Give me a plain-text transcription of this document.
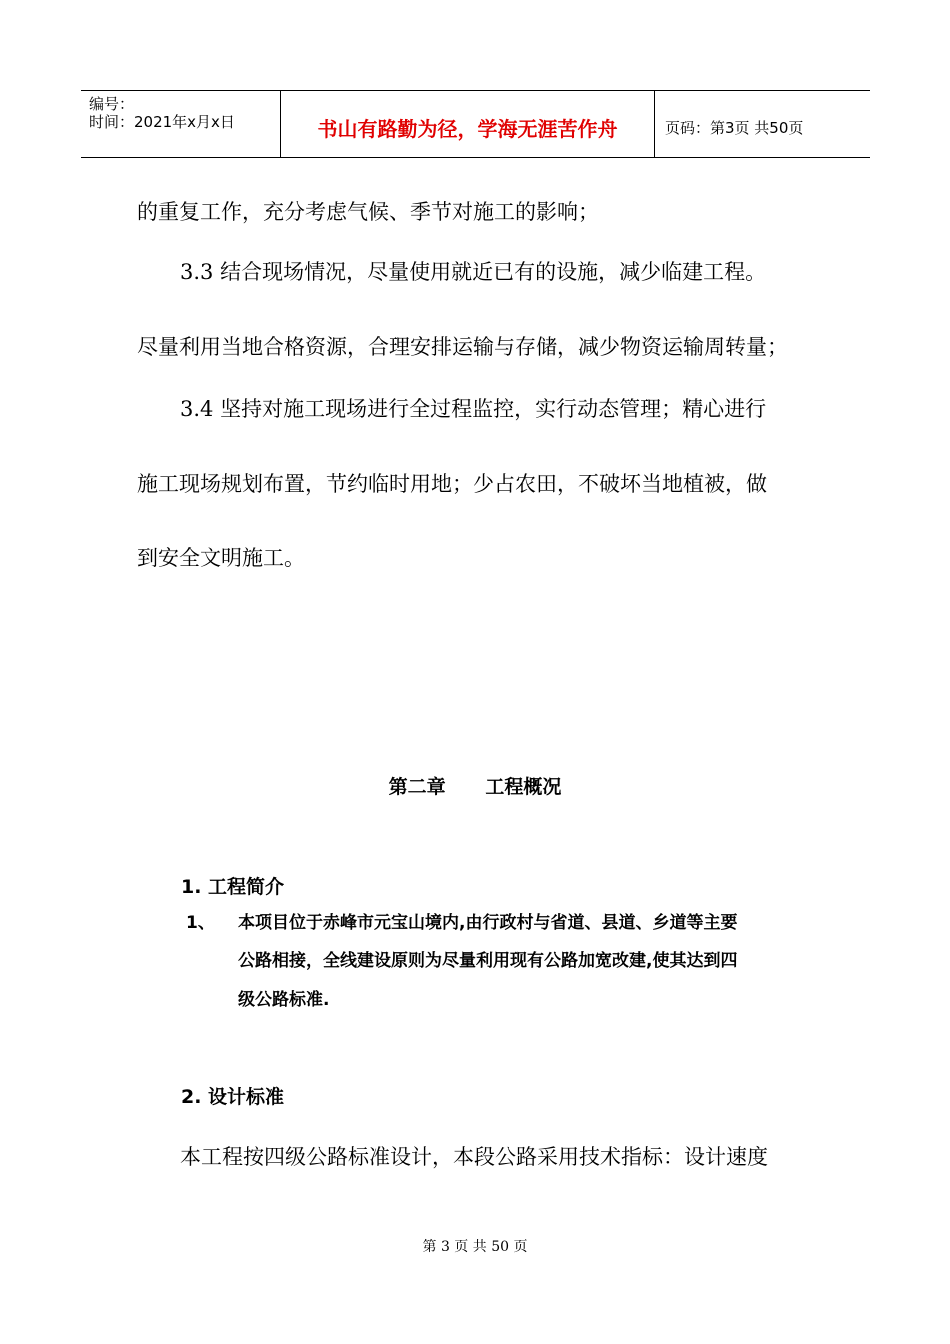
编号：
时间：2021年x月x日	书山有路勤为径，学海无涯苦作舟	页码：第3页 共50页
的重复工作，充分考虑气候、季节对施工的影响；
3.3 结合现场情况，尽量使用就近已有的设施，减少临建工程。
尽量利用当地合格资源，合理安排运输与存储，减少物资运输周转量；
3.4 坚持对施工现场进行全过程监控，实行动态管理；精心进行
施工现场规划布置，节约临时用地；少占农田，不破坏当地植被，做
到安全文明施工。
第二章      工程概况
1. 工程简介
1、 本项目位于赤峰市元宝山境内,由行政村与省道、县道、乡道等主要
公路相接，全线建设原则为尽量利用现有公路加宽改建,使其达到四
级公路标准.
2. 设计标准
本工程按四级公路标准设计，本段公路采用技术指标：设计速度
第 3 页 共 50 页
